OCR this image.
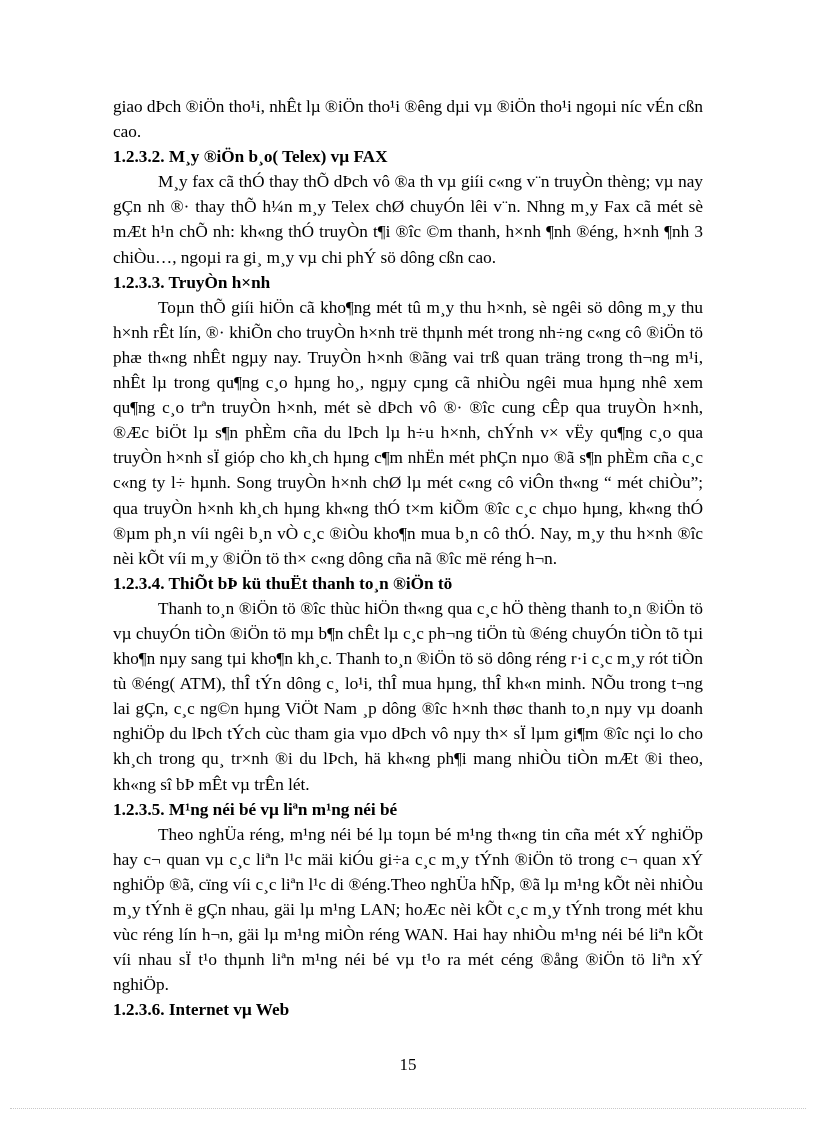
giao dÞch ®iÖn tho¹i, nhÊt lµ ®iÖn tho¹i ®êng dµi vµ ®iÖn tho¹i ngoµi níc vÉn cßn cao.

1.2.3.2. M¸y ®iÖn b¸o( Telex) vµ FAX

M¸y fax cã thÓ thay thÕ dÞch vô ®a th vµ giíi c«ng v¨n truyÒn thèng; vµ nay gÇn nh ®· thay thÕ h¼n m¸y Telex chØ chuyÓn lêi v¨n. Nhng m¸y Fax cã mét sè mÆt h¹n chÕ nh: kh«ng thÓ truyÒn t¶i ®îc ©m thanh, h×nh ¶nh ®éng, h×nh ¶nh 3 chiÒu…, ngoµi ra gi¸ m¸y vµ chi phÝ sö dông cßn cao.

1.2.3.3. TruyÒn h×nh

Toµn thÕ giíi hiÖn cã kho¶ng mét tû m¸y thu h×nh, sè ngêi sö dông m¸y thu h×nh rÊt lín, ®· khiÕn cho truyÒn h×nh trë thµnh mét trong nh÷ng c«ng cô ®iÖn tö phæ th«ng nhÊt ngµy nay. TruyÒn h×nh ®ãng vai trß quan träng trong th¬ng m¹i, nhÊt lµ trong qu¶ng c¸o hµng ho¸, ngµy cµng cã nhiÒu ngêi mua hµng nhê xem qu¶ng c¸o trªn truyÒn h×nh, mét sè dÞch vô ®· ®îc cung cÊp qua truyÒn h×nh, ®Æc biÖt lµ s¶n phÈm cña du lÞch lµ h÷u h×nh, chÝnh v× vËy qu¶ng c¸o qua truyÒn h×nh sÏ gióp cho kh¸ch hµng c¶m nhËn mét phÇn nµo ®ã s¶n phÈm cña c¸c c«ng ty l÷ hµnh. Song truyÒn h×nh chØ lµ mét c«ng cô viÔn th«ng “ mét chiÒu”; qua truyÒn h×nh kh¸ch hµng kh«ng thÓ t×m kiÕm ®îc c¸c chµo hµng, kh«ng thÓ ®µm ph¸n víi ngêi b¸n vÒ c¸c ®iÒu kho¶n mua b¸n cô thÓ. Nay, m¸y thu h×nh ®îc nèi kÕt víi m¸y ®iÖn tö th× c«ng dông cña nã ®îc më réng h¬n.

1.2.3.4. ThiÕt bÞ kü thuËt thanh to¸n ®iÖn tö

Thanh to¸n ®iÖn tö ®îc thùc hiÖn th«ng qua c¸c hÖ thèng thanh to¸n ®iÖn tö vµ chuyÓn tiÒn ®iÖn tö mµ b¶n chÊt lµ c¸c ph¬ng tiÖn tù ®éng chuyÓn tiÒn tõ tµi kho¶n nµy sang tµi kho¶n kh¸c. Thanh to¸n ®iÖn tö sö dông réng r·i c¸c m¸y rót tiÒn tù ®éng( ATM), thÎ tÝn dông c¸ lo¹i, thÎ mua hµng, thÎ kh«n minh. NÕu trong t¬ng lai gÇn, c¸c ng©n hµng ViÖt Nam ¸p dông ®îc h×nh thøc thanh to¸n nµy vµ doanh nghiÖp du lÞch tÝch cùc tham gia vµo dÞch vô nµy th× sÏ lµm gi¶m ®îc nçi lo cho kh¸ch trong qu¸ tr×nh ®i du lÞch, hä kh«ng ph¶i mang nhiÒu tiÒn mÆt ®i theo, kh«ng sî bÞ mÊt vµ trÊn lét.

1.2.3.5. M¹ng néi bé vµ liªn m¹ng néi bé

Theo nghÜa réng, m¹ng néi bé lµ toµn bé m¹ng th«ng tin cña mét xÝ nghiÖp hay c¬ quan vµ c¸c liªn l¹c mäi kiÓu gi÷a c¸c m¸y tÝnh ®iÖn tö trong c¬ quan xÝ nghiÖp ®ã, cïng víi c¸c liªn l¹c di ®éng.Theo nghÜa hÑp, ®ã lµ m¹ng kÕt nèi nhiÒu m¸y tÝnh ë gÇn nhau, gäi lµ m¹ng LAN; hoÆc nèi kÕt c¸c m¸y tÝnh trong mét khu vùc réng lín h¬n, gäi lµ m¹ng miÒn réng WAN. Hai hay nhiÒu m¹ng néi bé liªn kÕt víi nhau sÏ t¹o thµnh liªn m¹ng néi bé vµ t¹o ra mét céng ®ång ®iÖn tö liªn xÝ nghiÖp.

1.2.3.6. Internet vµ Web
15
